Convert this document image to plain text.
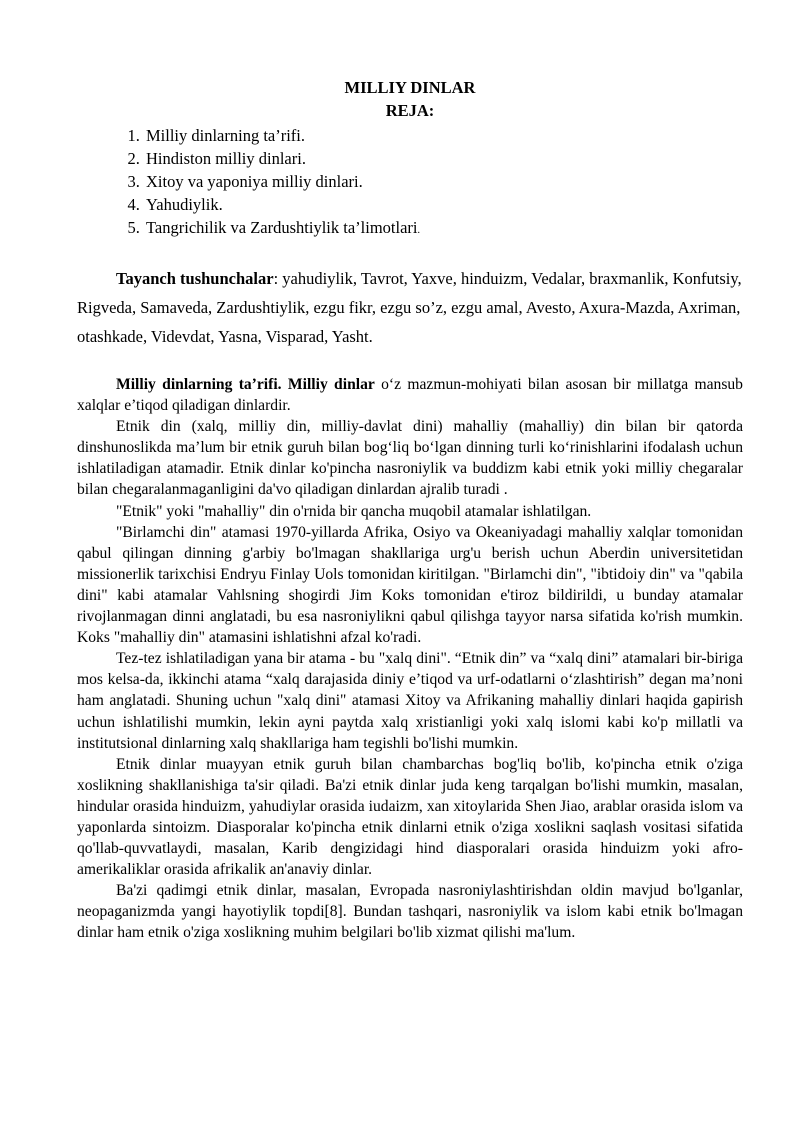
MILLIY DINLAR
REJA:
1. Milliy dinlarning ta’rifi.
2. Hindiston milliy dinlari.
3. Xitoy va yaponiya milliy dinlari.
4. Yahudiylik.
5. Tangrichilik va Zardushtiylik ta’limotlari.

Tayanch tushunchalar: yahudiylik, Tavrot, Yaxve, hinduizm, Vedalar, braxmanlik, Konfutsiy, Rigveda, Samaveda, Zardushtiylik, ezgu fikr, ezgu so’z, ezgu amal, Avesto, Axura-Mazda, Axriman, otashkade, Videvdat, Yasna, Visparad, Yasht.

Milliy dinlarning ta’rifi. Milliy dinlar o‘z mazmun-mohiyati bilan asosan bir millatga mansub xalqlar e’tiqod qiladigan dinlardir.

Etnik din (xalq, milliy din, milliy-davlat dini) mahalliy (mahalliy) din bilan bir qatorda dinshunoslikda ma’lum bir etnik guruh bilan bog‘liq bo‘lgan dinning turli ko‘rinishlarini ifodalash uchun ishlatiladigan atamadir. Etnik dinlar ko'pincha nasroniylik va buddizm kabi etnik yoki milliy chegaralar bilan chegaralanmaganligini da'vo qiladigan dinlardan ajralib turadi .

"Etnik" yoki "mahalliy" din o'rnida bir qancha muqobil atamalar ishlatilgan.

"Birlamchi din" atamasi 1970-yillarda Afrika, Osiyo va Okeaniyadagi mahalliy xalqlar tomonidan qabul qilingan dinning g'arbiy bo'lmagan shakllariga urg'u berish uchun Aberdin universitetidan missionerlik tarixchisi Endryu Finlay Uols tomonidan kiritilgan. "Birlamchi din", "ibtidoiy din" va "qabila dini" kabi atamalar Vahlsning shogirdi Jim Koks tomonidan e'tiroz bildirildi, u bunday atamalar rivojlanmagan dinni anglatadi, bu esa nasroniylikni qabul qilishga tayyor narsa sifatida ko'rish mumkin. Koks "mahalliy din" atamasini ishlatishni afzal ko'radi.

Tez-tez ishlatiladigan yana bir atama - bu "xalq dini". “Etnik din” va “xalq dini” atamalari bir-biriga mos kelsa-da, ikkinchi atama “xalq darajasida diniy e’tiqod va urf-odatlarni o‘zlashtirish” degan ma’noni ham anglatadi. Shuning uchun "xalq dini" atamasi Xitoy va Afrikaning mahalliy dinlari haqida gapirish uchun ishlatilishi mumkin, lekin ayni paytda xalq xristianligi yoki xalq islomi kabi ko'p millatli va institutsional dinlarning xalq shakllariga ham tegishli bo'lishi mumkin.

Etnik dinlar muayyan etnik guruh bilan chambarchas bog'liq bo'lib, ko'pincha etnik o'ziga xoslikning shakllanishiga ta'sir qiladi. Ba'zi etnik dinlar juda keng tarqalgan bo'lishi mumkin, masalan, hindular orasida hinduizm, yahudiylar orasida iudaizm, xan xitoylarida Shen Jiao, arablar orasida islom va yaponlarda sintoizm. Diasporalar ko'pincha etnik dinlarni etnik o'ziga xoslikni saqlash vositasi sifatida qo'llab-quvvatlaydi, masalan, Karib dengizidagi hind diasporalari orasida hinduizm yoki afro-amerikaliklar orasida afrikalik an'anaviy dinlar.

Ba'zi qadimgi etnik dinlar, masalan, Evropada nasroniylashtirishdan oldin mavjud bo'lganlar, neopaganizmda yangi hayotiylik topdi[8]. Bundan tashqari, nasroniylik va islom kabi etnik bo'lmagan dinlar ham etnik o'ziga xoslikning muhim belgilari bo'lib xizmat qilishi ma'lum.
